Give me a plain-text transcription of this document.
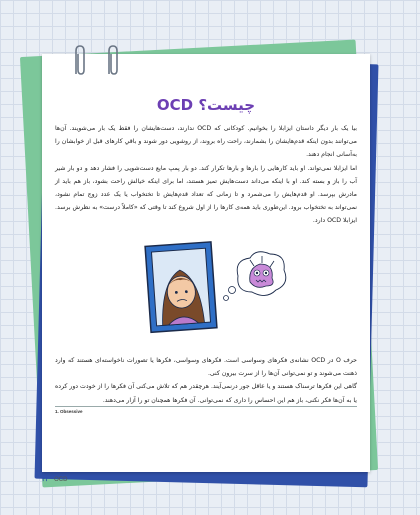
OCD چیست؟

بیا یک بار دیگر داستان ایزابلا را بخوانیم. کودکانی که OCD ندارند، دست‌هایشان را فقط یک بار می‌شویند. آن‌ها می‌توانند بدون اینکه قدم‌هایشان را بشمارند، راحت راه بروند، از روشویی دور شوند و باقیِ کارهای قبل از خوابشان را به‌آسانی انجام دهند.

اما ایزابلا نمی‌تواند. او باید کارهایی را بارها و بارها تکرار کند. دو بار پمپ مایع دست‌شویی را فشار دهد و دو بار شیر آب را باز و بسته کند. او با اینکه می‌داند دست‌هایش تمیز هستند، اما برای اینکه خیالش راحت بشود، باز هم باید از مادرش بپرسد. او قدم‌هایش را می‌شمرد و تا زمانی که تعداد قدم‌هایش تا تختخواب یا یک عدد زوج تمام نشود، نمی‌تواند به تختخواب برود. این‌طوری باید همه‌ی کارها را از اول شروع کند تا وقتی که «کاملاً درست» به نظرش برسد. ایزابلا OCD دارد.

حرف O در OCD نشانه‌ی فکرهای وسواسی است. فکرهای وسواسی، فکرها یا تصورات ناخواسته‌ای هستند که وارد ذهنت می‌شوند و تو نمی‌توانی آن‌ها را از سرت بیرون کنی.

گاهی این فکرها ترسناک هستند و یا عاقل جور درنمی‌آیند. هرچقدر هم که تلاش می‌کنی آن فکرها را از خودت دور کرده یا به آن‌ها فکر نکنی، باز هم این احساس را داری که نمی‌توانی. آن فکرها همچنان تو را آزار می‌دهند.

1. Obsessive

۴۳ OCD
